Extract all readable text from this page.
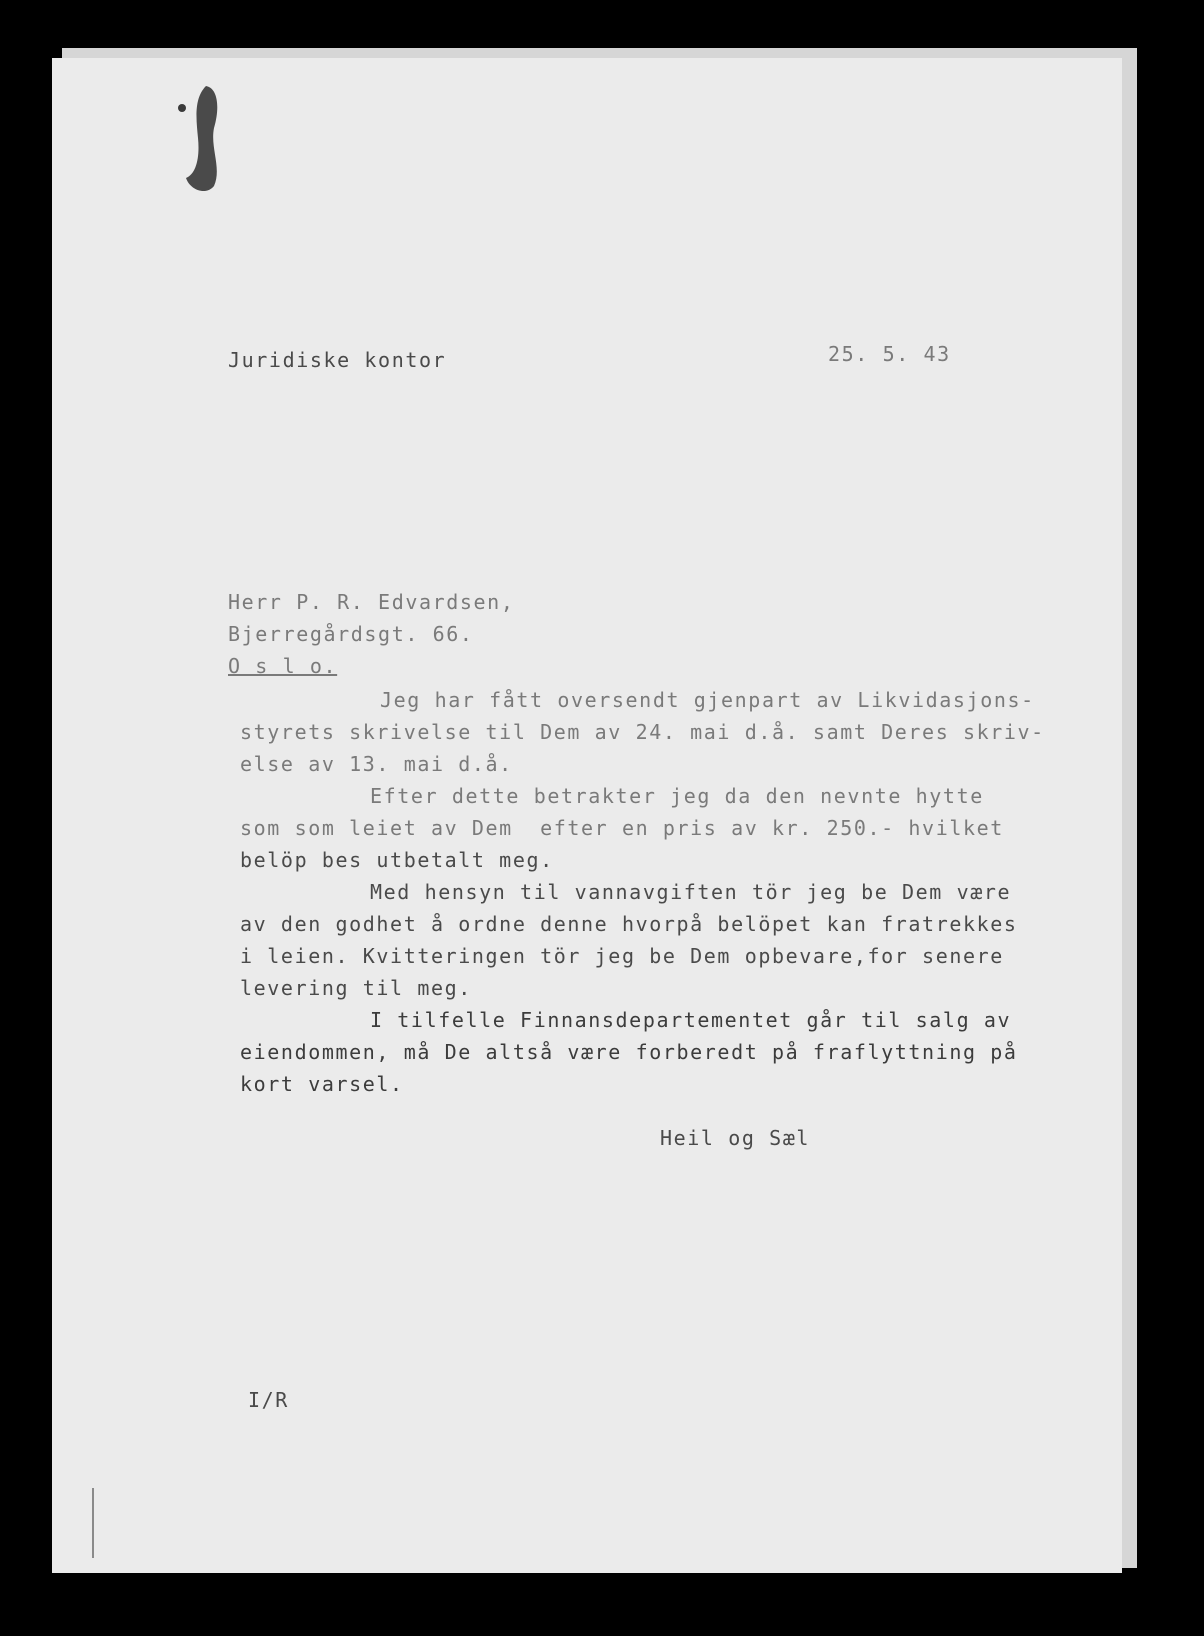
Juridiske kontor	25. 5. 43

Herr P. R. Edvardsen,

Bjerregårdsgt. 66.

O s l o.

Jeg har fått oversendt gjenpart av Likvidasjons-

styrets skrivelse til Dem av 24. mai d.å. samt Deres skriv-

else av 13. mai d.å.

Efter dette betrakter jeg da den nevnte hytte

som som leiet av Dem  efter en pris av kr. 250.- hvilket

belöp bes utbetalt meg.

Med hensyn til vannavgiften tör jeg be Dem være

av den godhet å ordne denne hvorpå belöpet kan fratrekkes

i leien. Kvitteringen tör jeg be Dem opbevare,for senere

levering til meg.

I tilfelle Finnansdepartementet går til salg av

eiendommen, må De altså være forberedt på fraflyttning på

kort varsel.

Heil og Sæl

I/R
